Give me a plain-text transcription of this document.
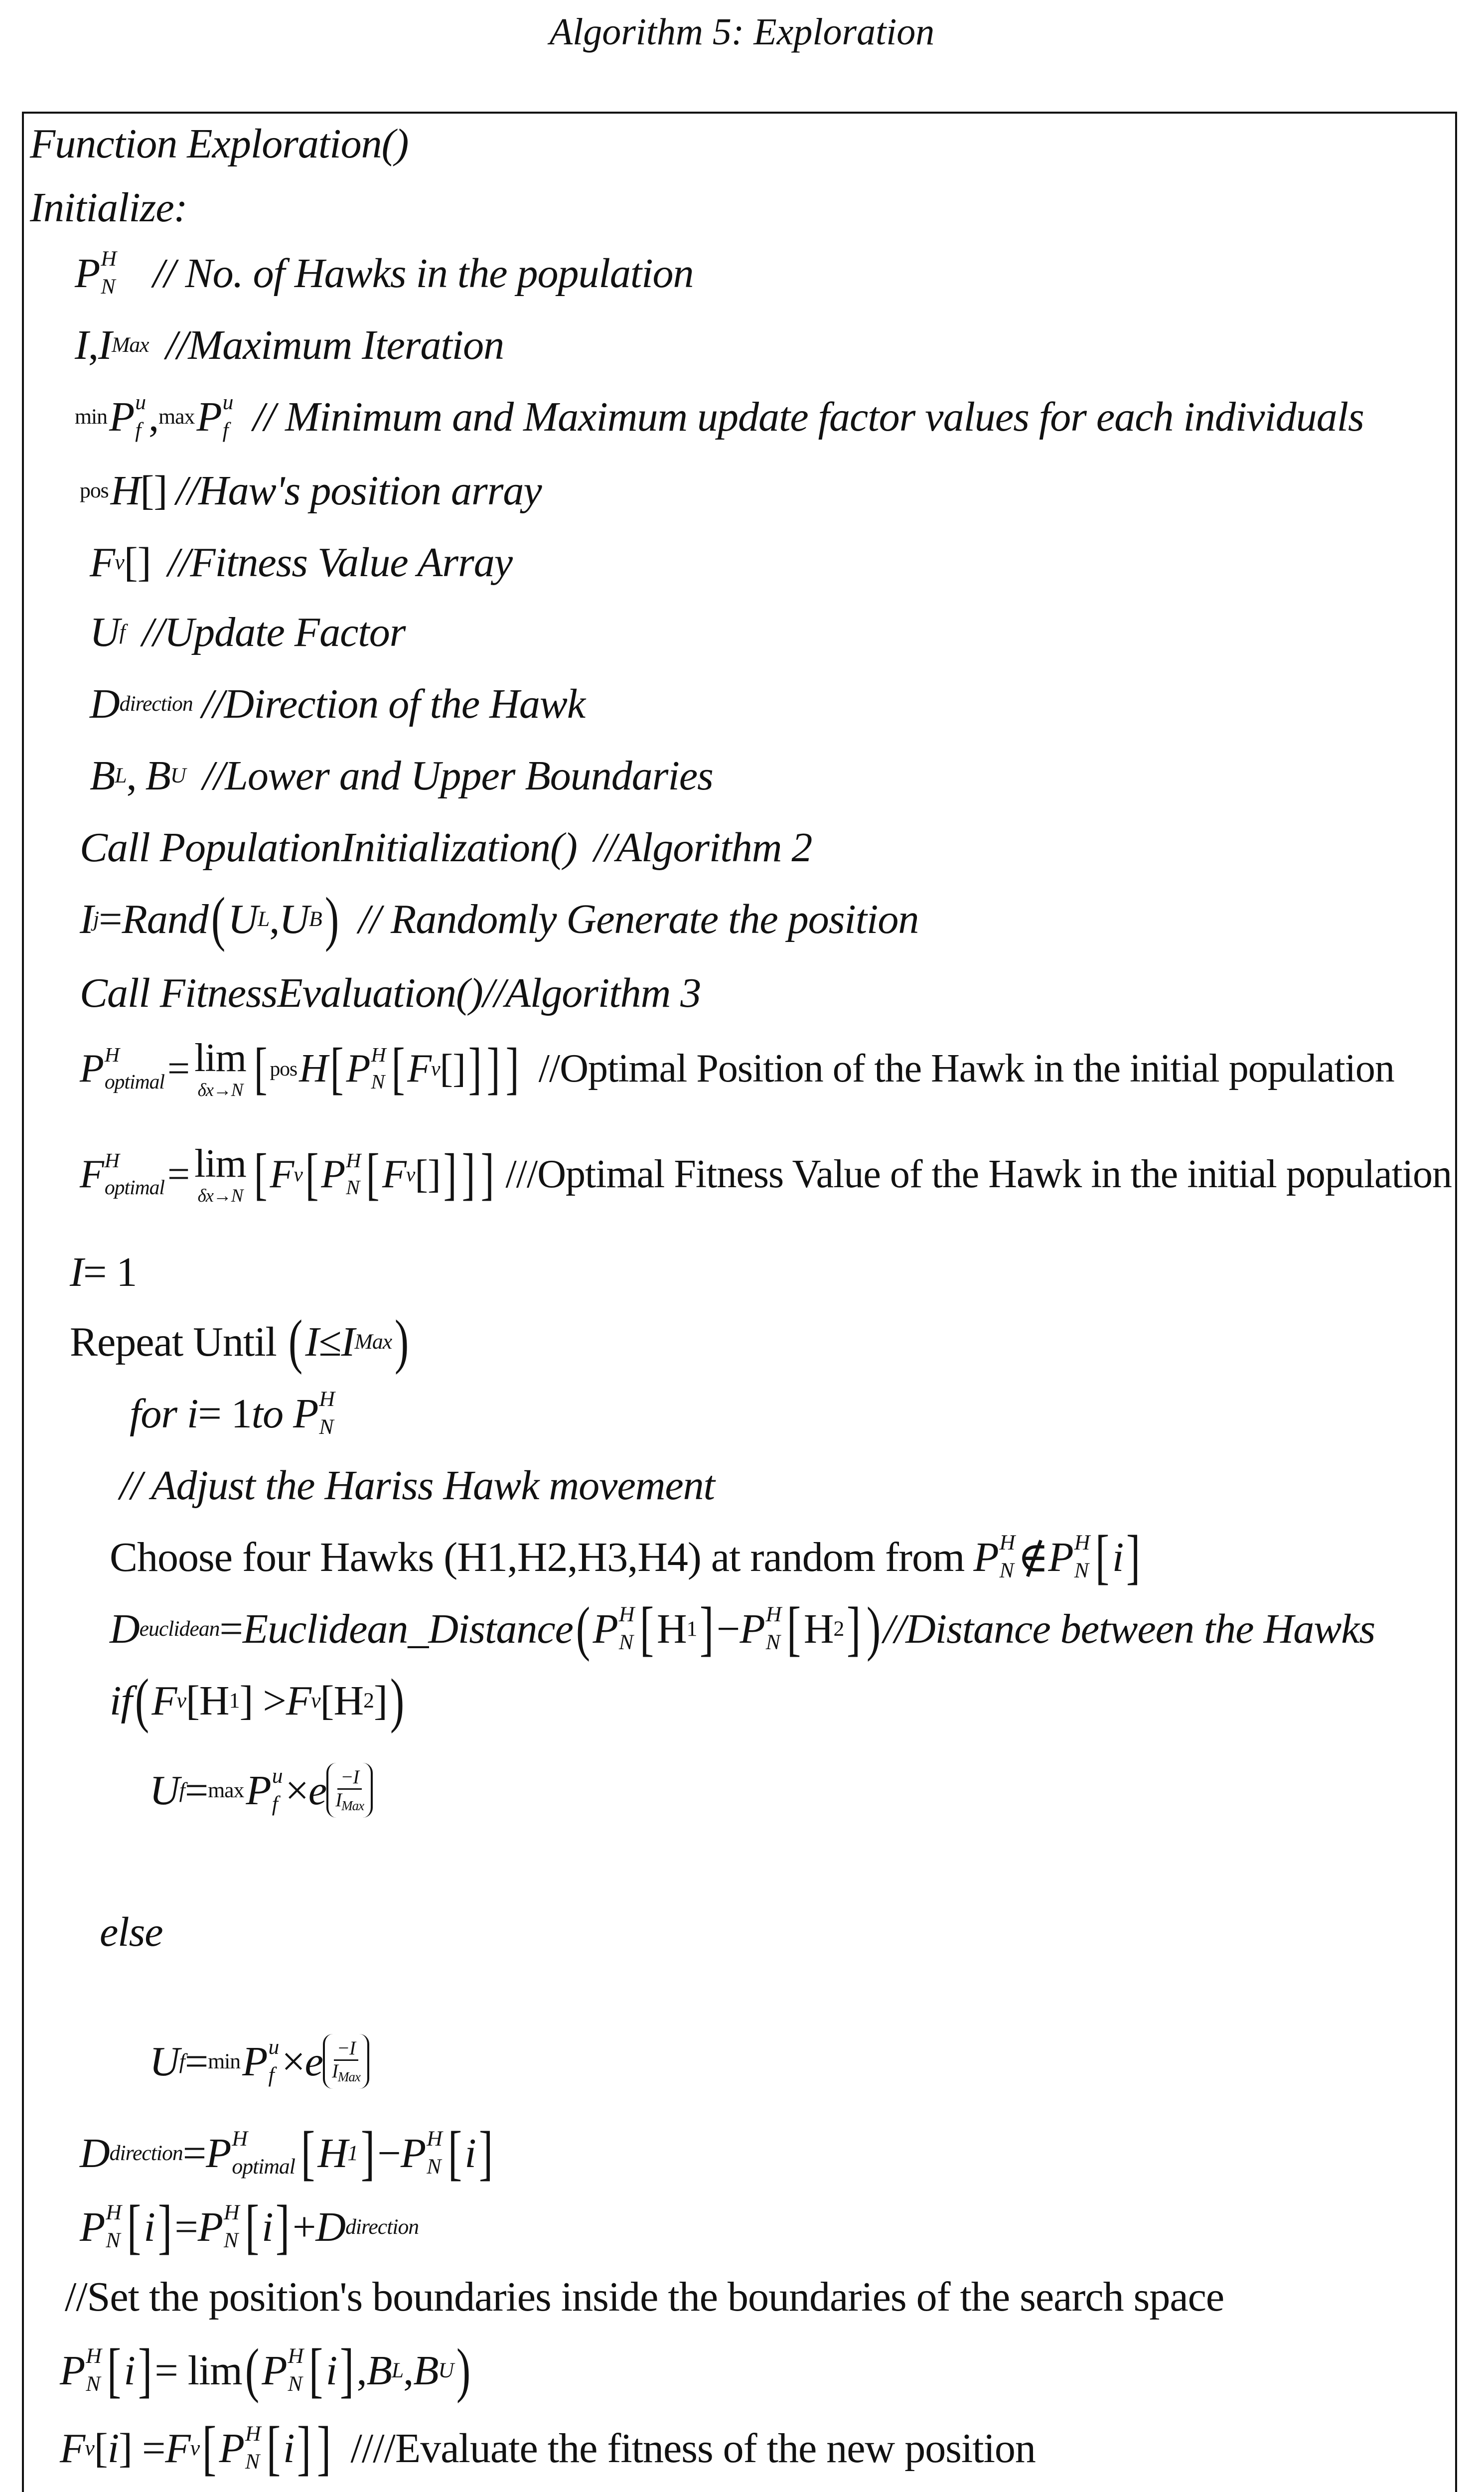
Algorithm 5: Exploration
Function Exploration()
Initialize:
P H
N // No. of Hawks in the population
I , I Max //Maximum Iteration
min P u
f , max P u
f // Minimum and Maximum update factor values for each individuals
pos H [] //Haw's position array
F v [] //Fitness Value Array
U f //Update Factor
D direction //Direction of the Hawk
B L , B U //Lower and Upper Boundaries
Call PopulationInitialization() //Algorithm 2
I j = Rand ( U L , U B ) // Randomly Generate the position
Call FitnessEvaluation() //Algorithm 3
P H
optimal = lim
δx→N [ pos H [ P H
N [ F v [] ] ] ] //Optimal Position of the Hawk in the initial population
F H
optimal = lim
δx→N [ F v [ P H
N [ F v [] ] ] ] ///Optimal Fitness Value of the Hawk in the initial population
I = 1
Repeat Until ( I ≤ I Max )
for i = 1 to P H
N
// Adjust the Hariss Hawk movement
Choose four Hawks (H1,H2,H3,H4) at random from P H
N ∉ P H
N [ i ]
D euclidean = Euclidean_Distance ( P H
N [ H 1 ] − P H
N [ H 2 ] ) //Distance between the Hawks
if ( F v [H 1 ] > F v [H 2 ] )
U f = max P u
f × e −I
$I_{Max}$
else
U f = min P u
f × e −I
$I_{Max}$
D direction = P H
optimal [ H 1 ] − P H
N [ i ]
P H
N [ i ] = P H
N [ i ] + D direction
//Set the position's boundaries inside the boundaries of the search space
P H
N [ i ] = lim ( P H
N [ i ] , B L , B U )
F v [ i ] = F v [ P H
N [ i ] ] ////Evaluate the fitness of the new position
